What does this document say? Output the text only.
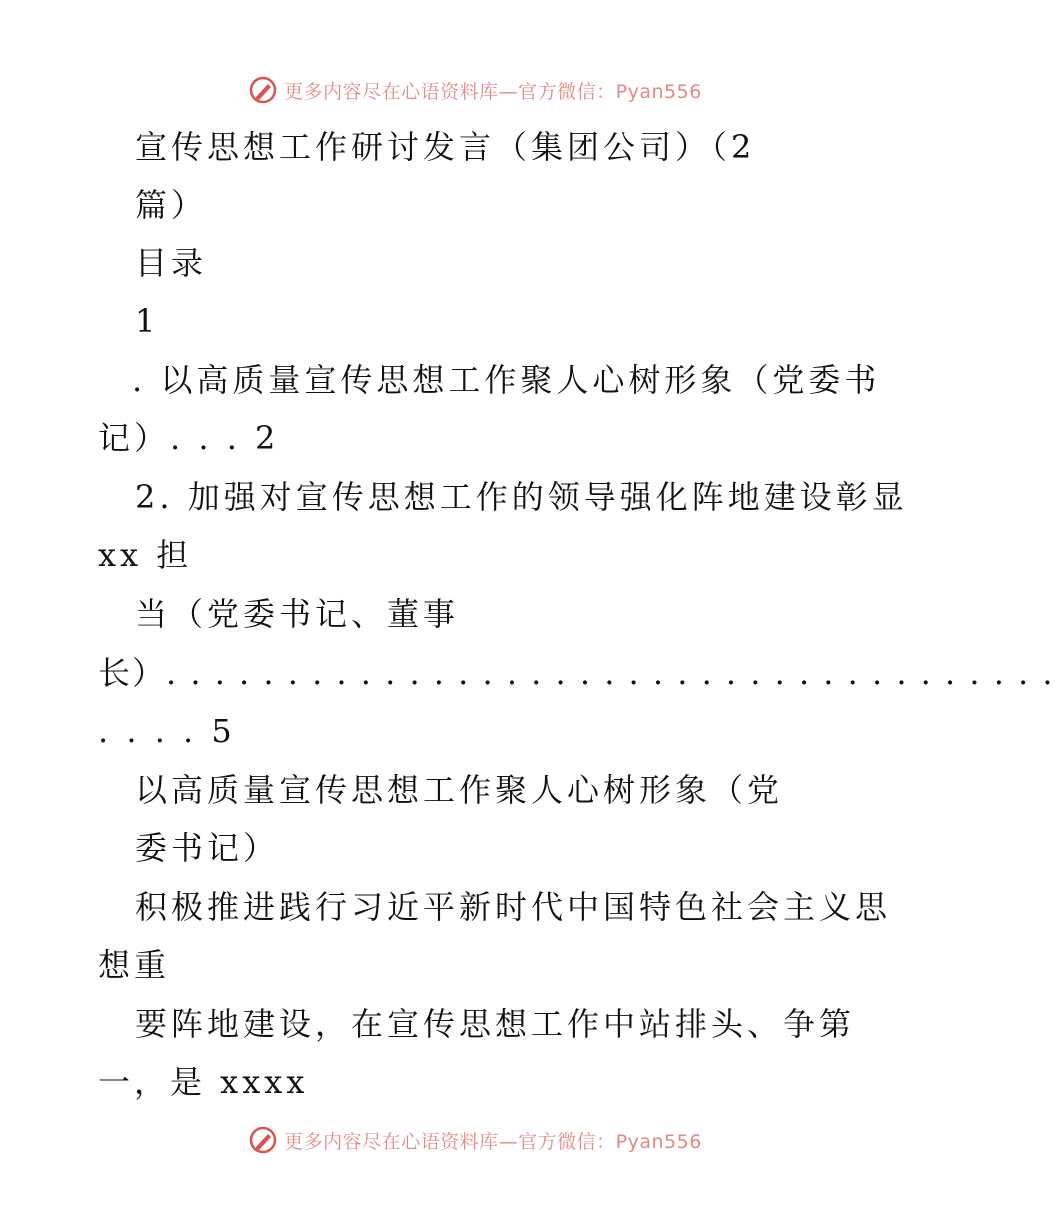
更多内容尽在心语资料库—官方微信：Pyan556
宣传思想工作研讨发言（集团公司）（2
篇）
目录
1
. 以高质量宣传思想工作聚人心树形象（党委书
记）. . . 2
2. 加强对宣传思想工作的领导强化阵地建设彰显
xx 担
当（党委书记、董事
长）. . . . . . . . . . . . . . . . . . . . . . . . . . . . . . . . . . . . .
. . . . 5
以高质量宣传思想工作聚人心树形象（党
委书记）
积极推进践行习近平新时代中国特色社会主义思
想重
要阵地建设，在宣传思想工作中站排头、争第
一，是 xxxx
更多内容尽在心语资料库—官方微信：Pyan556
